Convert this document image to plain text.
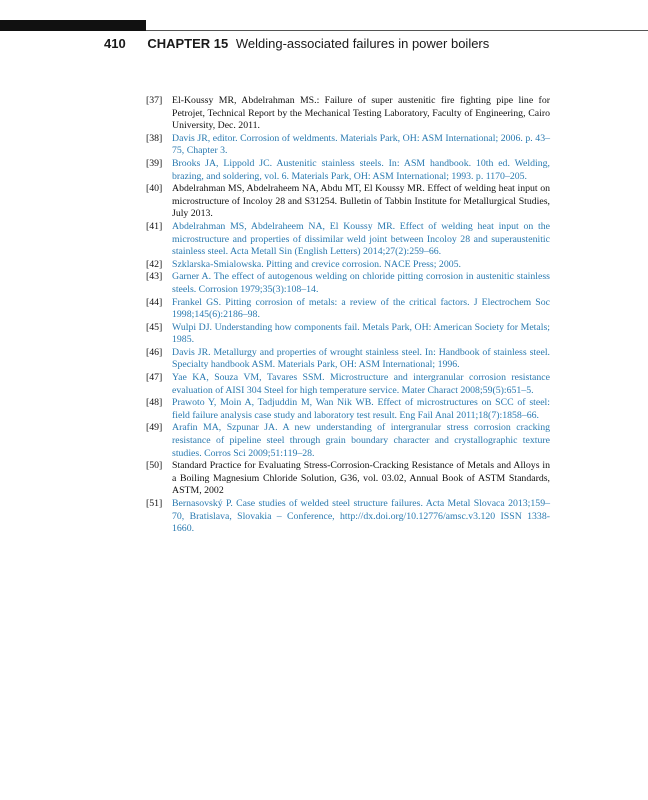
410 CHAPTER 15 Welding-associated failures in power boilers
[37] El-Koussy MR, Abdelrahman MS.: Failure of super austenitic fire fighting pipe line for Petrojet, Technical Report by the Mechanical Testing Laboratory, Faculty of Engineering, Cairo University, Dec. 2011.
[38] Davis JR, editor. Corrosion of weldments. Materials Park, OH: ASM International; 2006. p. 43–75, Chapter 3.
[39] Brooks JA, Lippold JC. Austenitic stainless steels. In: ASM handbook. 10th ed. Welding, brazing, and soldering, vol. 6. Materials Park, OH: ASM International; 1993. p. 1170–205.
[40] Abdelrahman MS, Abdelraheem NA, Abdu MT, El Koussy MR. Effect of welding heat input on microstructure of Incoloy 28 and S31254. Bulletin of Tabbin Institute for Metallurgical Studies, July 2013.
[41] Abdelrahman MS, Abdelraheem NA, El Koussy MR. Effect of welding heat input on the microstructure and properties of dissimilar weld joint between Incoloy 28 and superaustenitic stainless steel. Acta Metall Sin (English Letters) 2014;27(2):259–66.
[42] Szklarska-Smialowska. Pitting and crevice corrosion. NACE Press; 2005.
[43] Garner A. The effect of autogenous welding on chloride pitting corrosion in austenitic stainless steels. Corrosion 1979;35(3):108–14.
[44] Frankel GS. Pitting corrosion of metals: a review of the critical factors. J Electrochem Soc 1998;145(6):2186–98.
[45] Wulpi DJ. Understanding how components fail. Metals Park, OH: American Society for Metals; 1985.
[46] Davis JR. Metallurgy and properties of wrought stainless steel. In: Handbook of stainless steel. Specialty handbook ASM. Materials Park, OH: ASM International; 1996.
[47] Yae KA, Souza VM, Tavares SSM. Microstructure and intergranular corrosion resistance evaluation of AISI 304 Steel for high temperature service. Mater Charact 2008;59(5):651–5.
[48] Prawoto Y, Moin A, Tadjuddin M, Wan Nik WB. Effect of microstructures on SCC of steel: field failure analysis case study and laboratory test result. Eng Fail Anal 2011;18(7):1858–66.
[49] Arafin MA, Szpunar JA. A new understanding of intergranular stress corrosion cracking resistance of pipeline steel through grain boundary character and crystallographic texture studies. Corros Sci 2009;51:119–28.
[50] Standard Practice for Evaluating Stress-Corrosion-Cracking Resistance of Metals and Alloys in a Boiling Magnesium Chloride Solution, G36, vol. 03.02, Annual Book of ASTM Standards, ASTM, 2002
[51] Bernasovský P. Case studies of welded steel structure failures. Acta Metal Slovaca 2013;159–70, Bratislava, Slovakia – Conference, http://dx.doi.org/10.12776/amsc.v3.120 ISSN 1338-1660.
